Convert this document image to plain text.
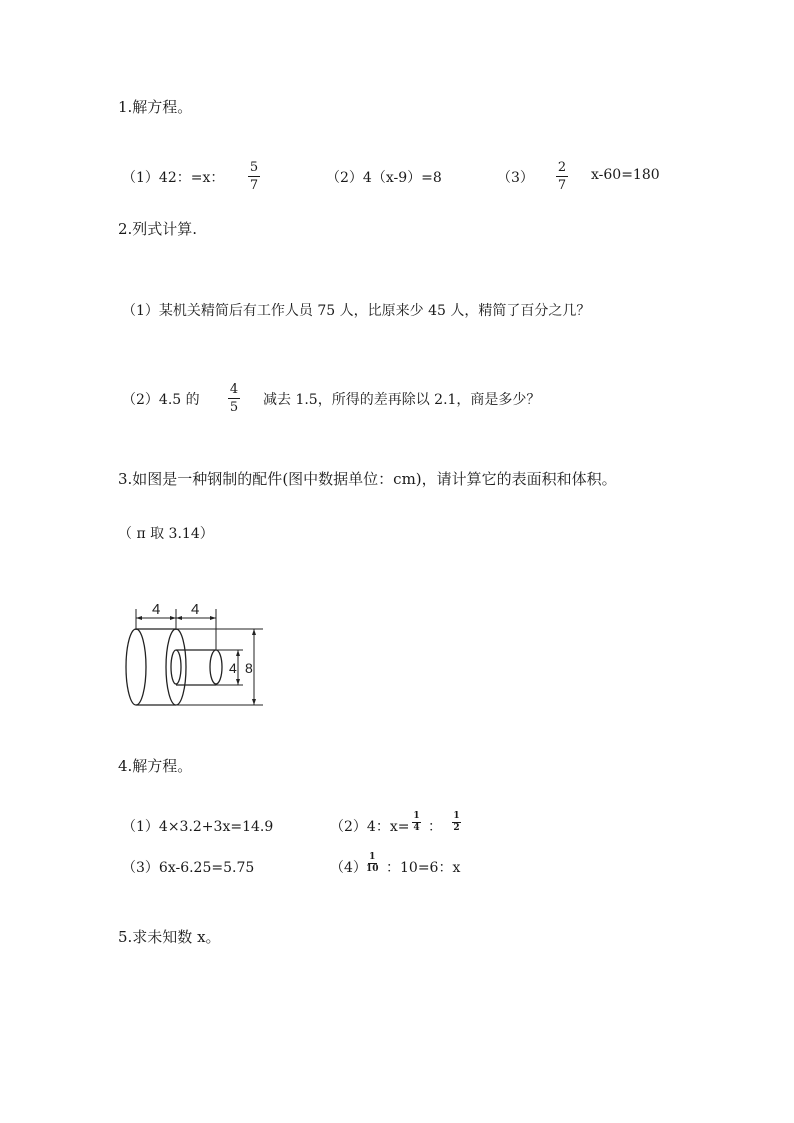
1.解方程。
（1）42：=x：
5
7	（2）4（x-9）=8	（3）
2
7
x-60=180
2.列式计算.
（1）某机关精简后有工作人员 75 人，比原来少 45 人，精简了百分之几？
（2）4.5 的
4
5 减去 1.5，所得的差再除以 2.1，商是多少？
3.如图是一种钢制的配件(图中数据单位：cm)，请计算它的表面积和体积。
（ π 取 3.14）
4 4
4 8
4.解方程。
（1）4×3.2+3x=14.9	（2）4：x=
1
4 ：
1
2
（3）6x-6.25=5.75	（4）
1
10 ：10=6：x
5.求未知数 x。
